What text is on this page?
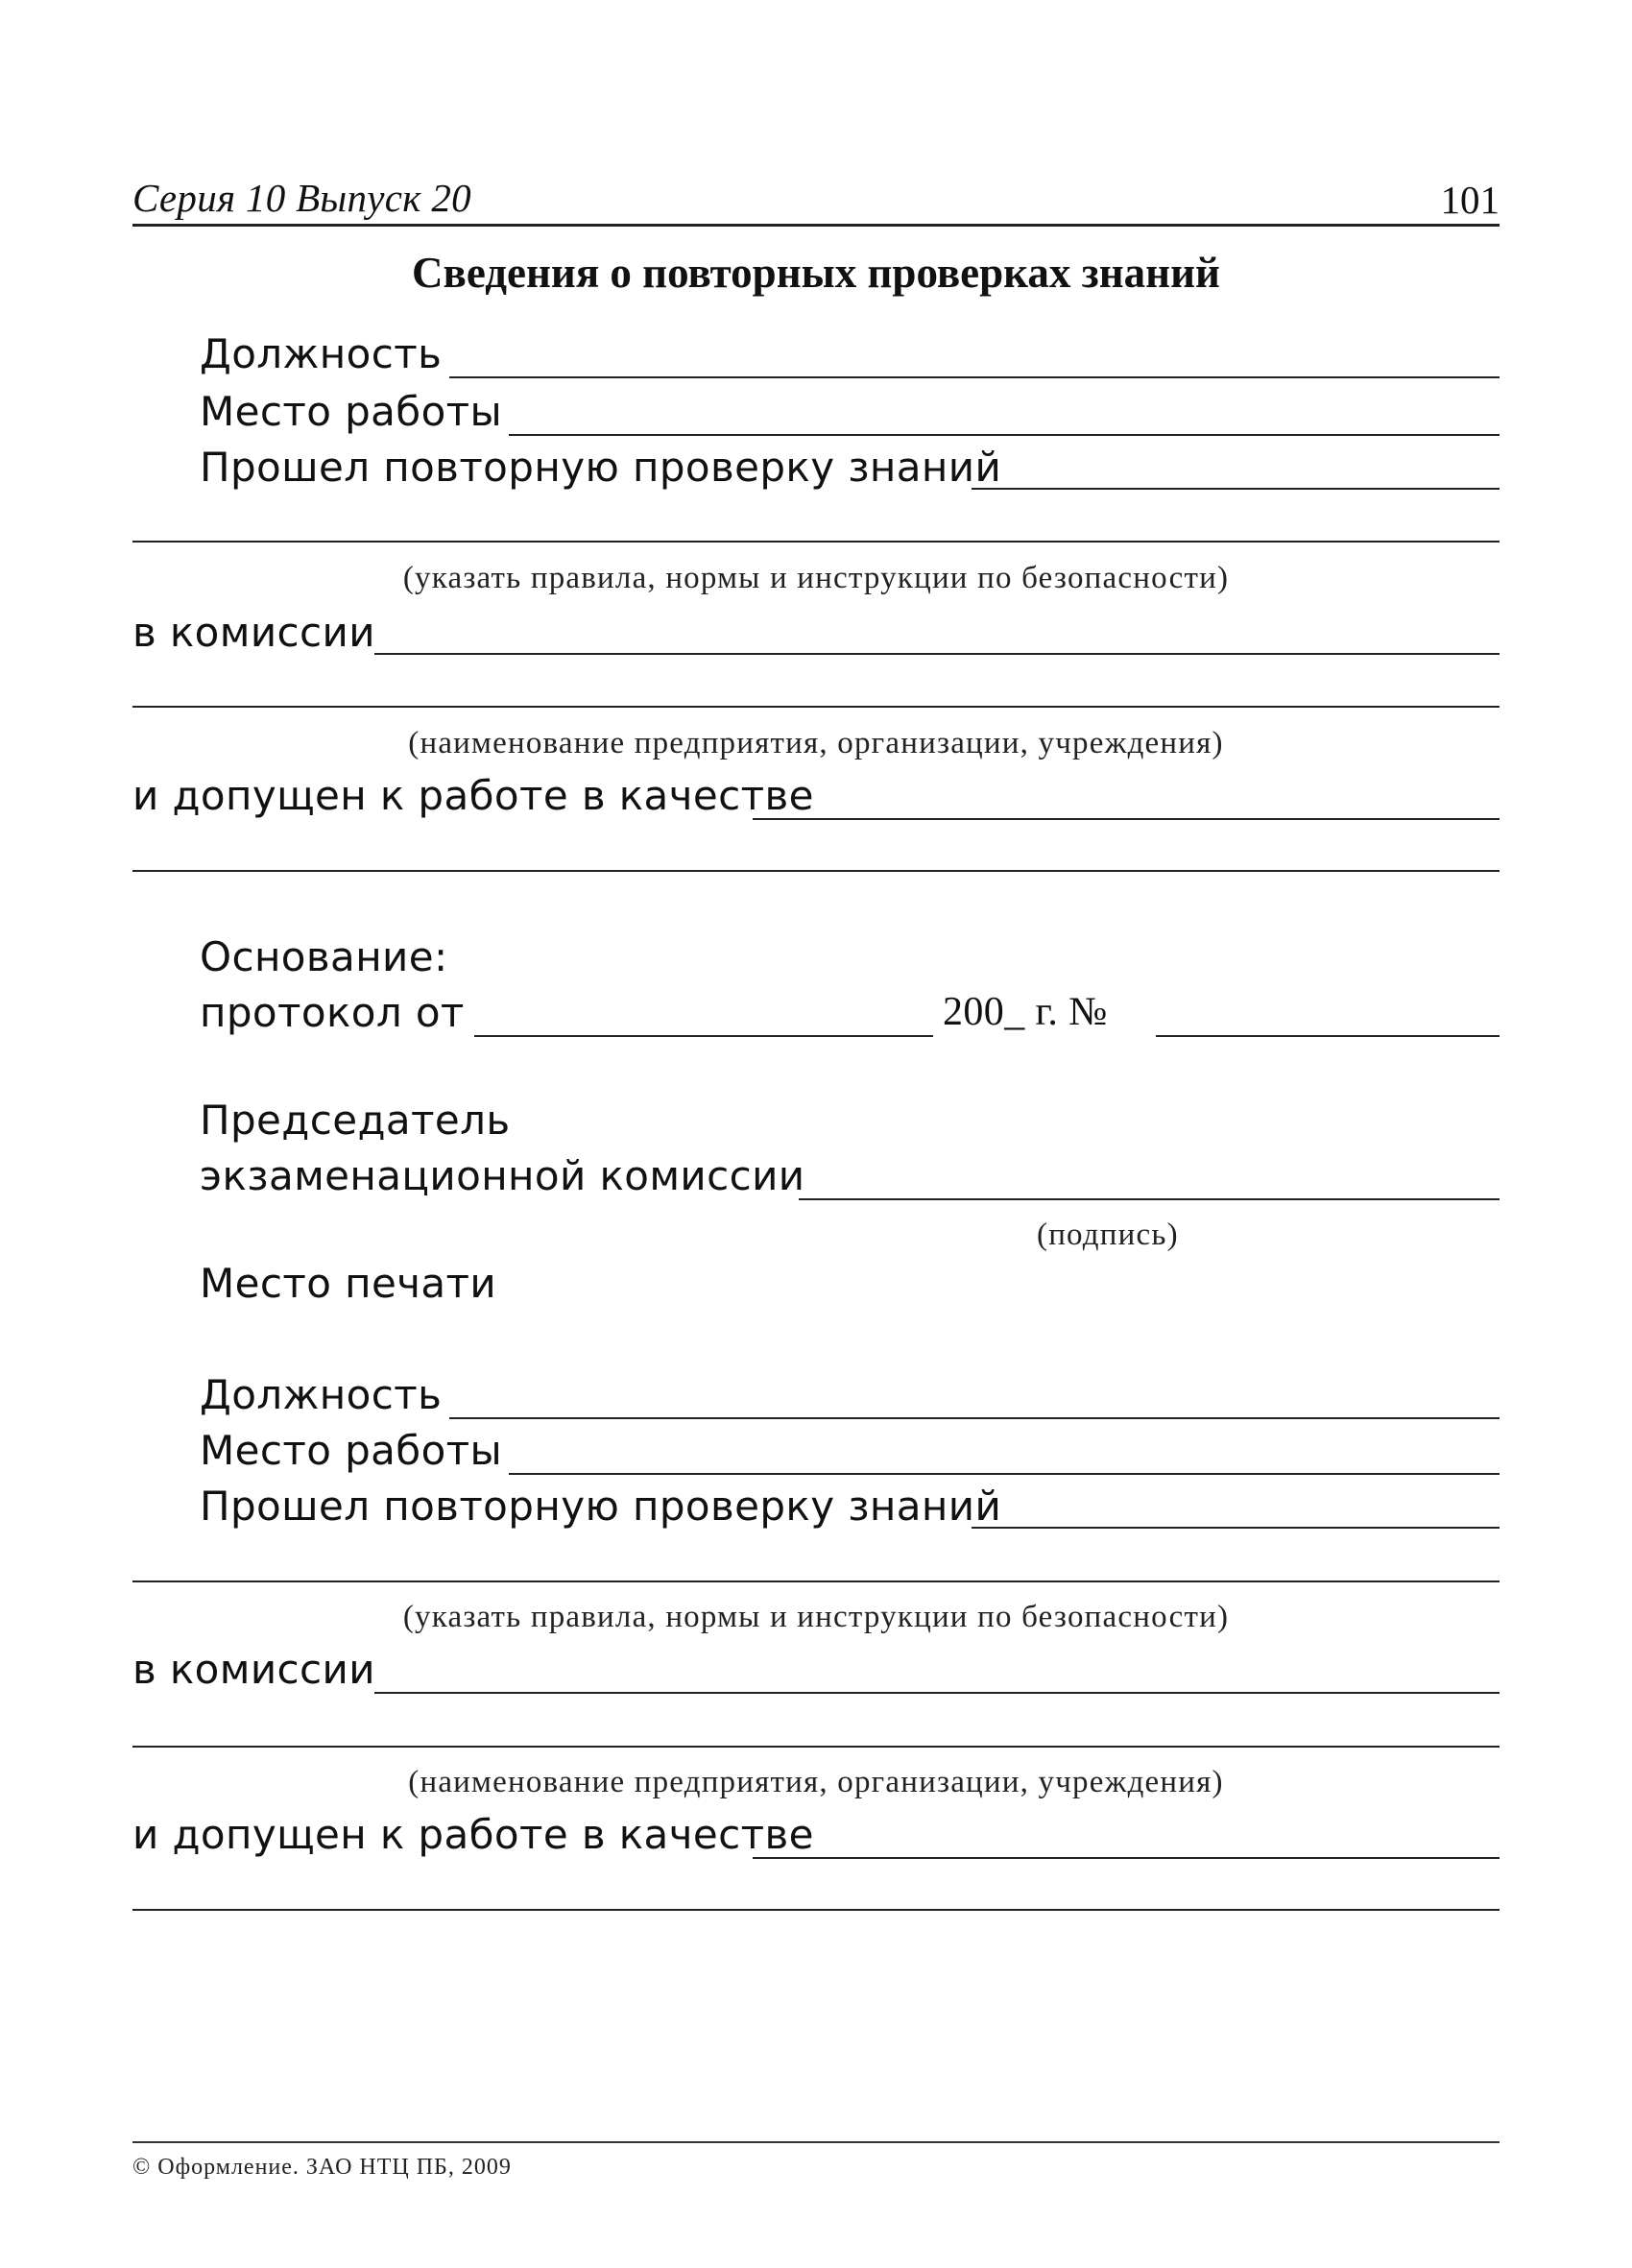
Серия 10 Выпуск 20	101
Сведения о повторных проверках знаний
Должность
Место работы
Прошел повторную проверку знаний
(указать правила, нормы и инструкции по безопасности)
в комиссии
(наименование предприятия, организации, учреждения)
и допущен к работе в качестве
Основание:
протокол от	200_ г. №
Председатель
экзаменационной комиссии
(подпись)
Место печати
Должность
Место работы
Прошел повторную проверку знаний
(указать правила, нормы и инструкции по безопасности)
в комиссии
(наименование предприятия, организации, учреждения)
и допущен к работе в качестве
© Оформление. ЗАО НТЦ ПБ, 2009
